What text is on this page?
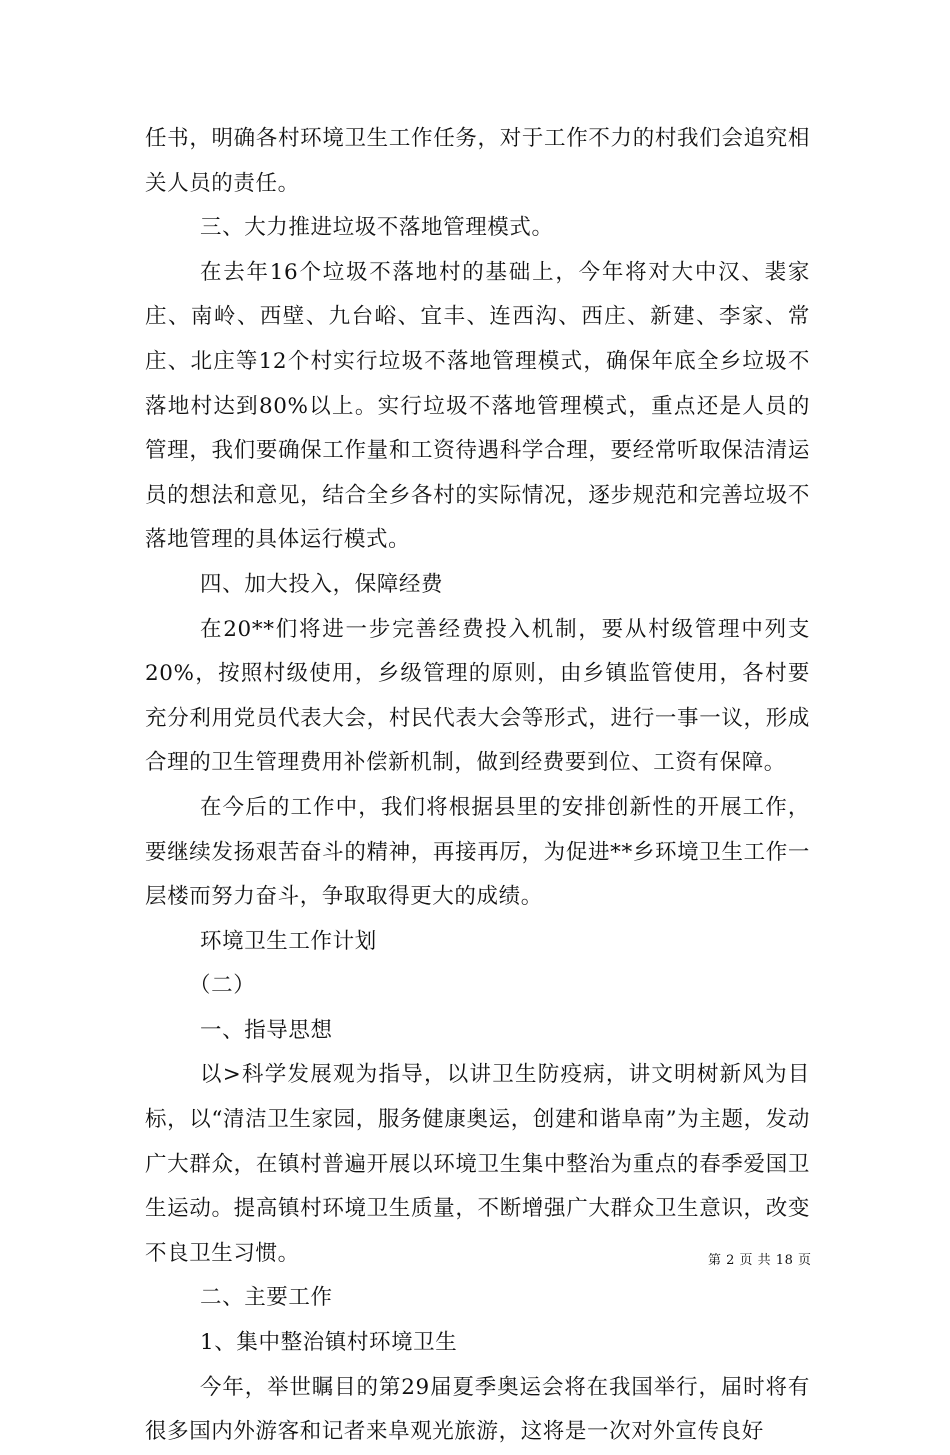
任书，明确各村环境卫生工作任务，对于工作不力的村我们会追究相关人员的责任。

三、大力推进垃圾不落地管理模式。

在去年16个垃圾不落地村的基础上，今年将对大中汉、裴家庄、南岭、西壁、九台峪、宜丰、连西沟、西庄、新建、李家、常庄、北庄等12个村实行垃圾不落地管理模式，确保年底全乡垃圾不落地村达到80%以上。实行垃圾不落地管理模式，重点还是人员的管理，我们要确保工作量和工资待遇科学合理，要经常听取保洁清运员的想法和意见，结合全乡各村的实际情况，逐步规范和完善垃圾不落地管理的具体运行模式。

四、加大投入，保障经费

在20**们将进一步完善经费投入机制，要从村级管理中列支20%，按照村级使用，乡级管理的原则，由乡镇监管使用，各村要充分利用党员代表大会，村民代表大会等形式，进行一事一议，形成合理的卫生管理费用补偿新机制，做到经费要到位、工资有保障。

在今后的工作中，我们将根据县里的安排创新性的开展工作，要继续发扬艰苦奋斗的精神，再接再厉，为促进**乡环境卫生工作一层楼而努力奋斗，争取取得更大的成绩。

环境卫生工作计划

（二）

一、指导思想

以>科学发展观为指导，以讲卫生防疫病，讲文明树新风为目标，以“清洁卫生家园，服务健康奥运，创建和谐阜南”为主题，发动广大群众，在镇村普遍开展以环境卫生集中整治为重点的春季爱国卫生运动。提高镇村环境卫生质量，不断增强广大群众卫生意识，改变不良卫生习惯。

二、主要工作

1、集中整治镇村环境卫生

今年，举世瞩目的第29届夏季奥运会将在我国举行，届时将有很多国内外游客和记者来阜观光旅游，这将是一次对外宣传良好

第 2 页 共 18 页
